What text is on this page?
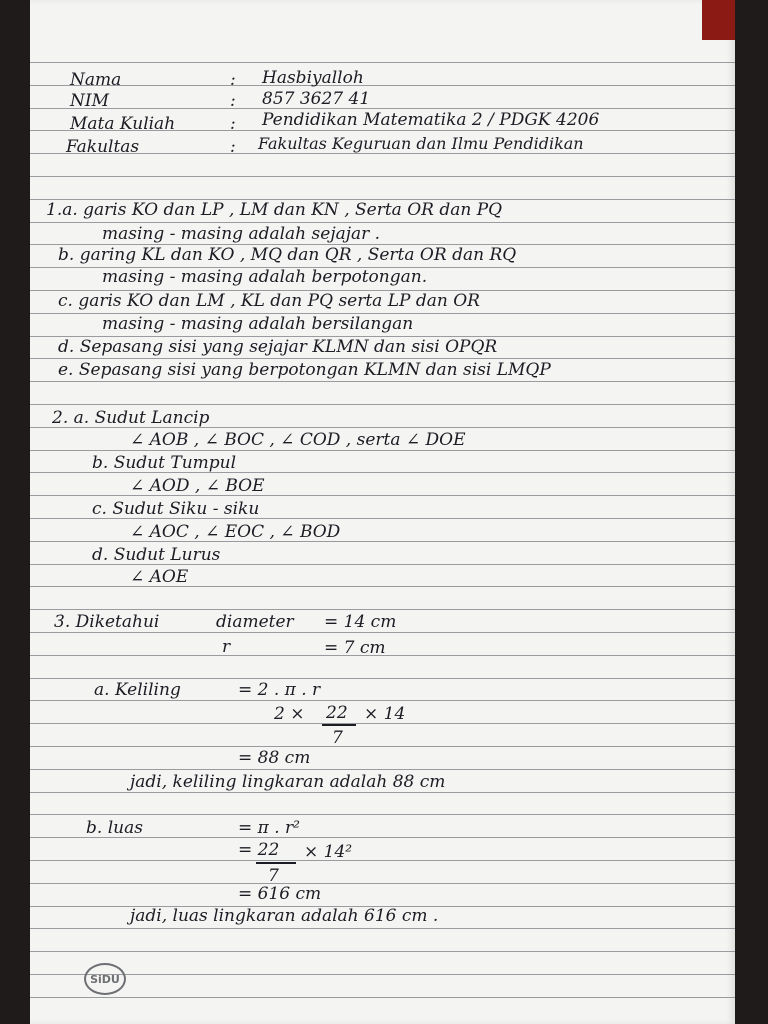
Nama	: Hasbiyalloh
NIM	: 857 3627 41
Mata Kuliah	: Pendidikan Matematika 2 / PDGK 4206
Fakultas	: Fakultas Keguruan dan Ilmu Pendidikan
1.a. garis KO dan LP , LM dan KN , Serta OR dan PQ
masing - masing adalah sejajar .
b. garing KL dan KO , MQ dan QR , Serta OR dan RQ
masing - masing adalah berpotongan.
c. garis KO dan LM , KL dan PQ serta LP dan OR
masing - masing adalah bersilangan
d. Sepasang sisi yang sejajar KLMN dan sisi OPQR
e. Sepasang sisi yang berpotongan KLMN dan sisi LMQP
2. a. Sudut Lancip
∠ AOB , ∠ BOC , ∠ COD , serta ∠ DOE
b. Sudut Tumpul
∠ AOD , ∠ BOE
c. Sudut Siku - siku
∠ AOC , ∠ EOC , ∠ BOD
d. Sudut Lurus
∠ AOE
3. Diketahui	diameter = 14 cm
r	= 7 cm
a. Keliling	= 2 . π . r
2 × 22
7
× 14
= 88 cm
jadi, keliling lingkaran adalah 88 cm
b. luas	= π . r²
= 22
7
× 14²
= 616 cm
jadi, luas lingkaran adalah 616 cm .
SiDU
